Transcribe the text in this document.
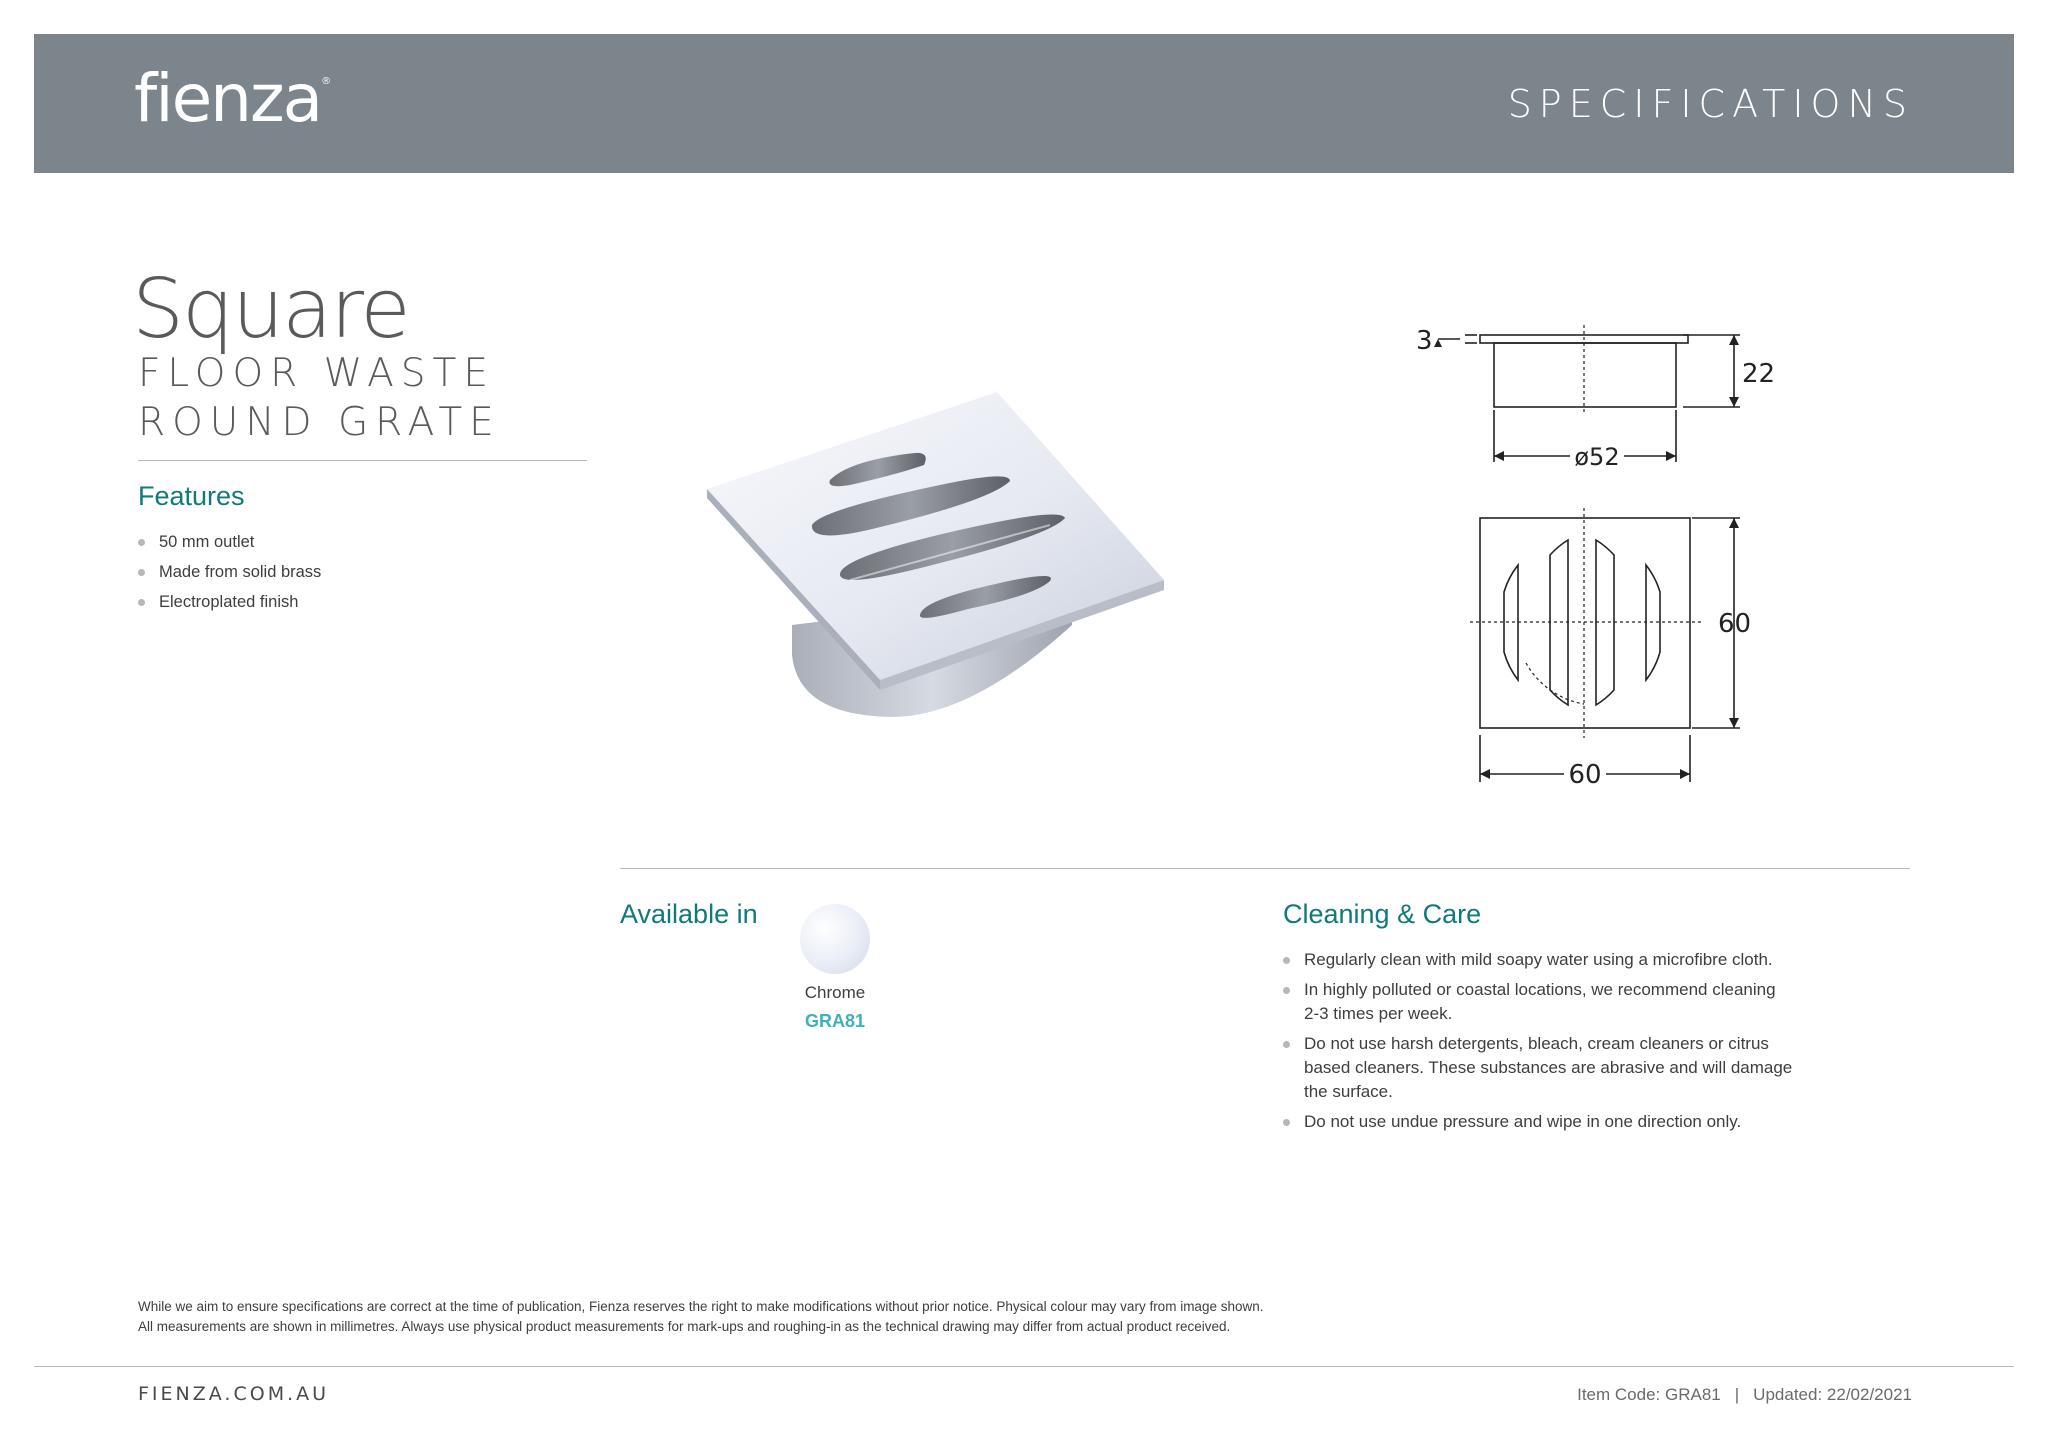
fienza®
SPECIFICATIONS
Square
FLOOR WASTE
ROUND GRATE
Features
50 mm outlet
Made from solid brass
Electroplated finish
3
22
ø52
60
60
Available in
Chrome
GRA81
Cleaning & Care
Regularly clean with mild soapy water using a microfibre cloth.
In highly polluted or coastal locations, we recommend cleaning 2-3 times per week.
Do not use harsh detergents, bleach, cream cleaners or citrus based cleaners. These substances are abrasive and will damage the surface.
Do not use undue pressure and wipe in one direction only.
While we aim to ensure specifications are correct at the time of publication, Fienza reserves the right to make modifications without prior notice. Physical colour may vary from image shown.
All measurements are shown in millimetres. Always use physical product measurements for mark-ups and roughing-in as the technical drawing may differ from actual product received.
FIENZA.COM.AU	Item Code: GRA81 | Updated: 22/02/2021
